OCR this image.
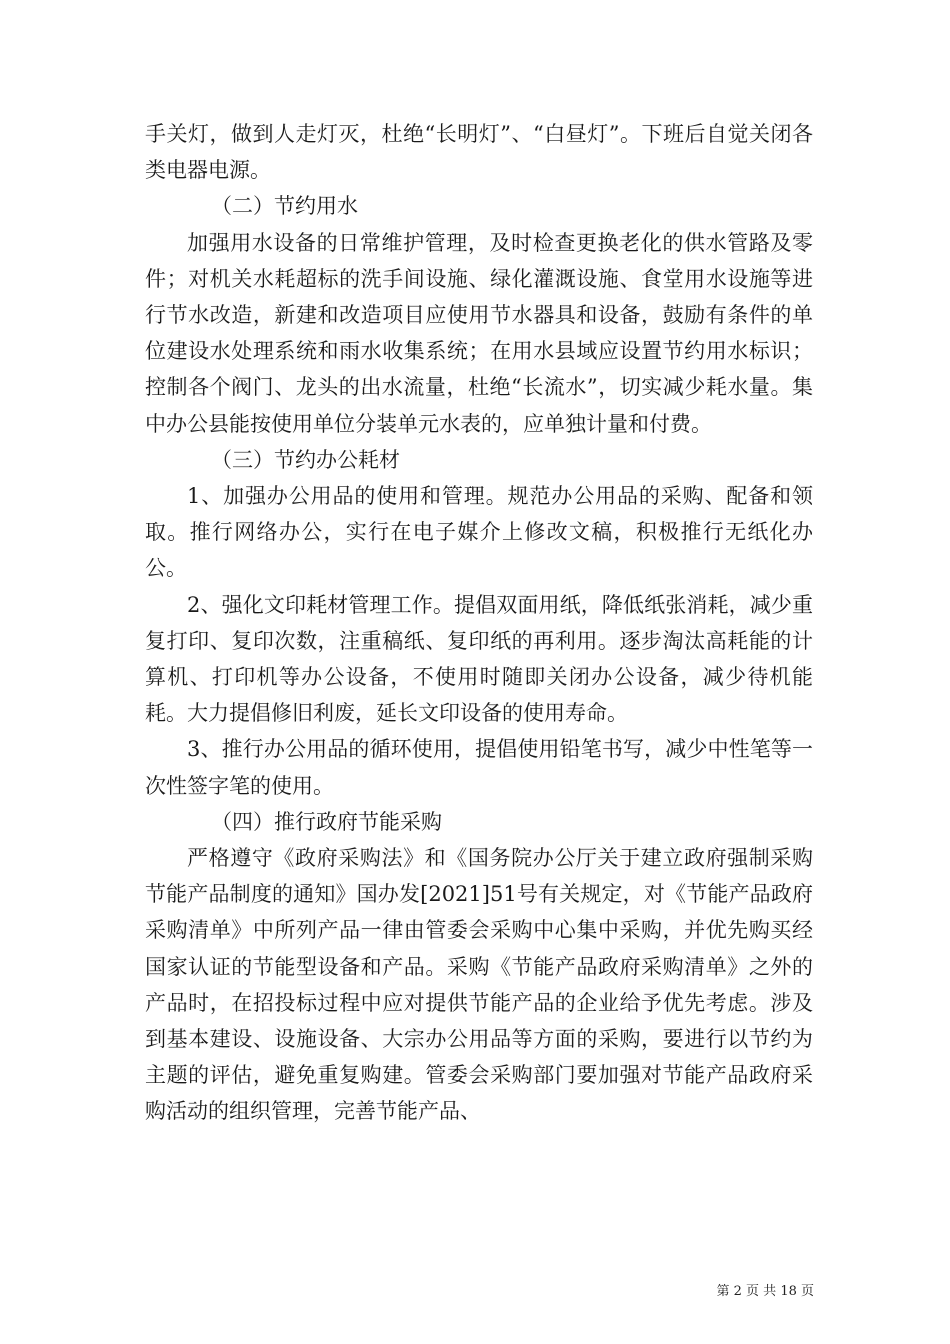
手关灯，做到人走灯灭，杜绝“长明灯”、“白昼灯”。下班后自觉关闭各类电器电源。

（二）节约用水

加强用水设备的日常维护管理，及时检查更换老化的供水管路及零件；对机关水耗超标的洗手间设施、绿化灌溉设施、食堂用水设施等进行节水改造，新建和改造项目应使用节水器具和设备，鼓励有条件的单位建设水处理系统和雨水收集系统；在用水县域应设置节约用水标识；控制各个阀门、龙头的出水流量，杜绝“长流水”，切实减少耗水量。集中办公县能按使用单位分装单元水表的，应单独计量和付费。

（三）节约办公耗材

1、加强办公用品的使用和管理。规范办公用品的采购、配备和领取。推行网络办公，实行在电子媒介上修改文稿，积极推行无纸化办公。

2、强化文印耗材管理工作。提倡双面用纸，降低纸张消耗，减少重复打印、复印次数，注重稿纸、复印纸的再利用。逐步淘汰高耗能的计算机、打印机等办公设备，不使用时随即关闭办公设备，减少待机能耗。大力提倡修旧利废，延长文印设备的使用寿命。

3、推行办公用品的循环使用，提倡使用铅笔书写，减少中性笔等一次性签字笔的使用。

（四）推行政府节能采购

严格遵守《政府采购法》和《国务院办公厅关于建立政府强制采购节能产品制度的通知》国办发[2021]51号有关规定，对《节能产品政府采购清单》中所列产品一律由管委会采购中心集中采购，并优先购买经国家认证的节能型设备和产品。采购《节能产品政府采购清单》之外的产品时，在招投标过程中应对提供节能产品的企业给予优先考虑。涉及到基本建设、设施设备、大宗办公用品等方面的采购，要进行以节约为主题的评估，避免重复购建。管委会采购部门要加强对节能产品政府采购活动的组织管理，完善节能产品、

第 2 页 共 18 页
